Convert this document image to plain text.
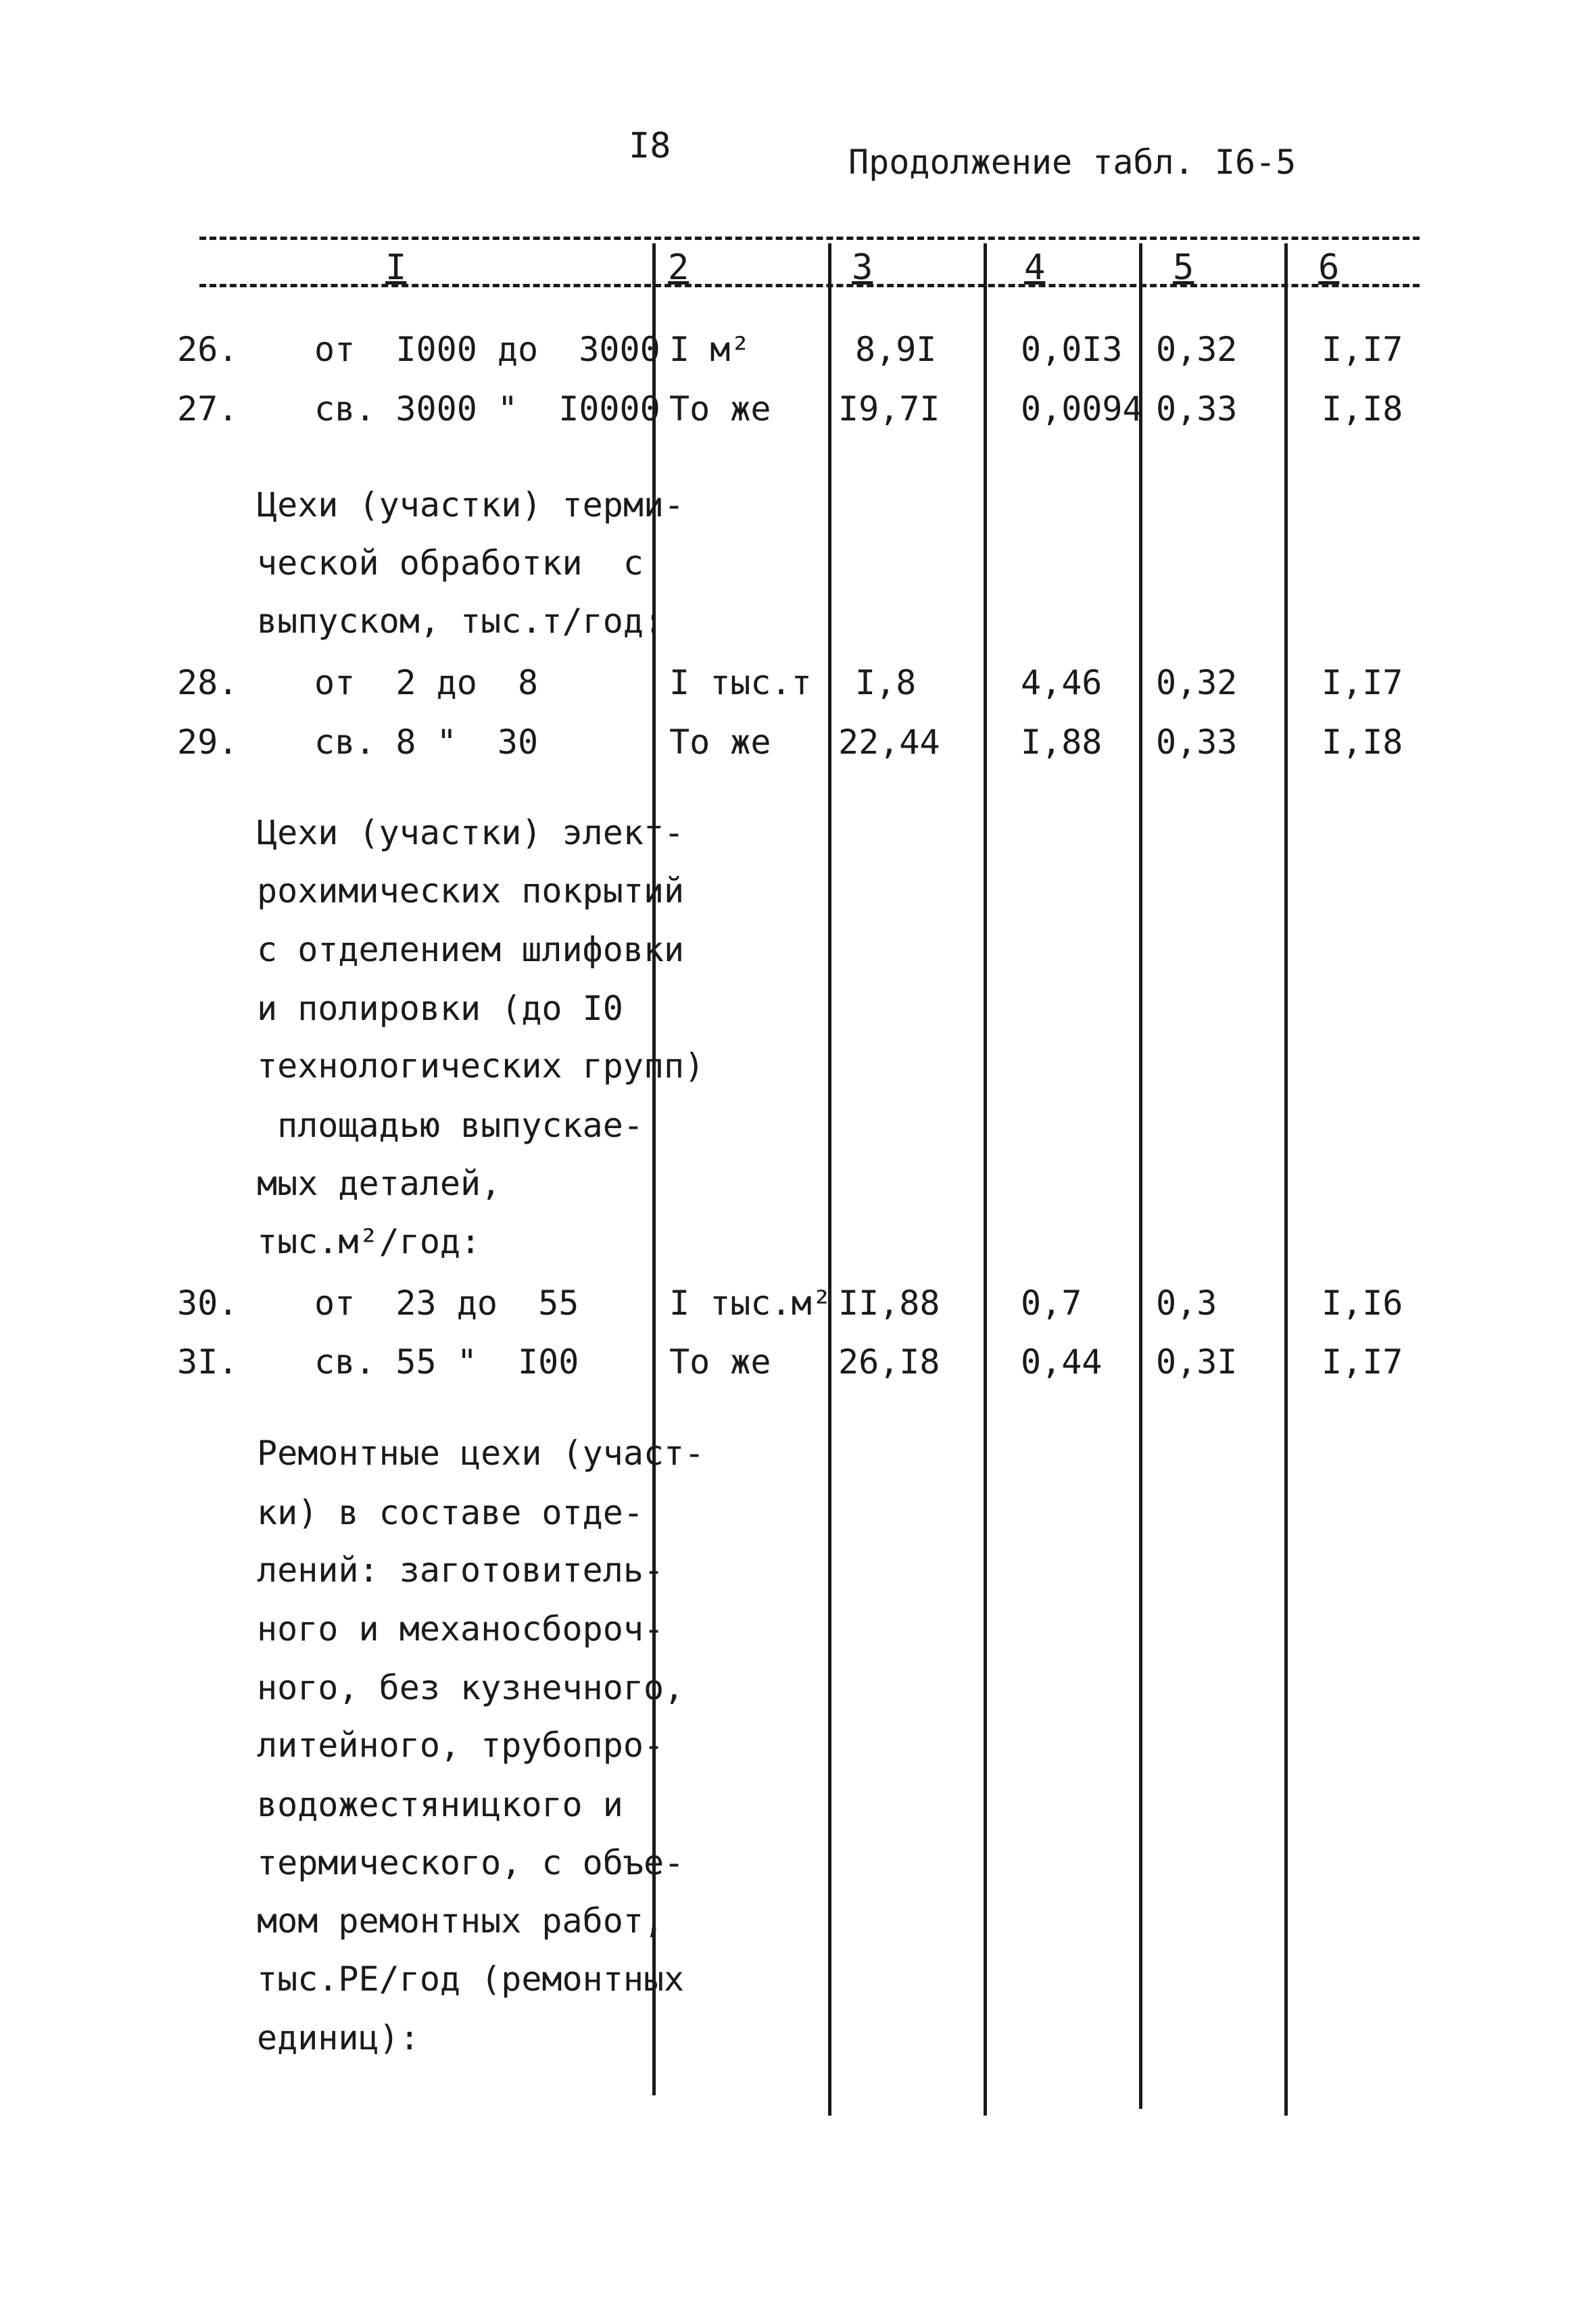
I8	Продолжение табл. I6-5
I	2	3	4	5	6
26. от  I000 до  3000 I м²	8,9I 0,0I3 0,32 I,I7
27. св. 3000 "  I0000 То же I9,7I 0,0094 0,33 I,I8
Цехи (участки) терми-
ческой обработки  с
выпуском, тыс.т/год:
28. от  2 до  8	I тыс.т I,8	4,46 0,32 I,I7
29. св. 8 "  30	То же 22,44 I,88 0,33 I,I8
Цехи (участки) элект-
рохимических покрытий
с отделением шлифовки
и полировки (до I0
технологических групп)
площадью выпускае-
мых деталей,
тыс.м²/год:
30. от  23 до  55	I тыс.м² II,88 0,7 0,3	I,I6
3I. св. 55 "  I00	То же 26,I8 0,44 0,3I I,I7
Ремонтные цехи (участ-
ки) в составе отде-
лений: заготовитель-
ного и механосбороч-
ного, без кузнечного,
литейного, трубопро-
водожестяницкого и
термического, с объе-
мом ремонтных работ,
тыс.РЕ/год (ремонтных
единиц):
